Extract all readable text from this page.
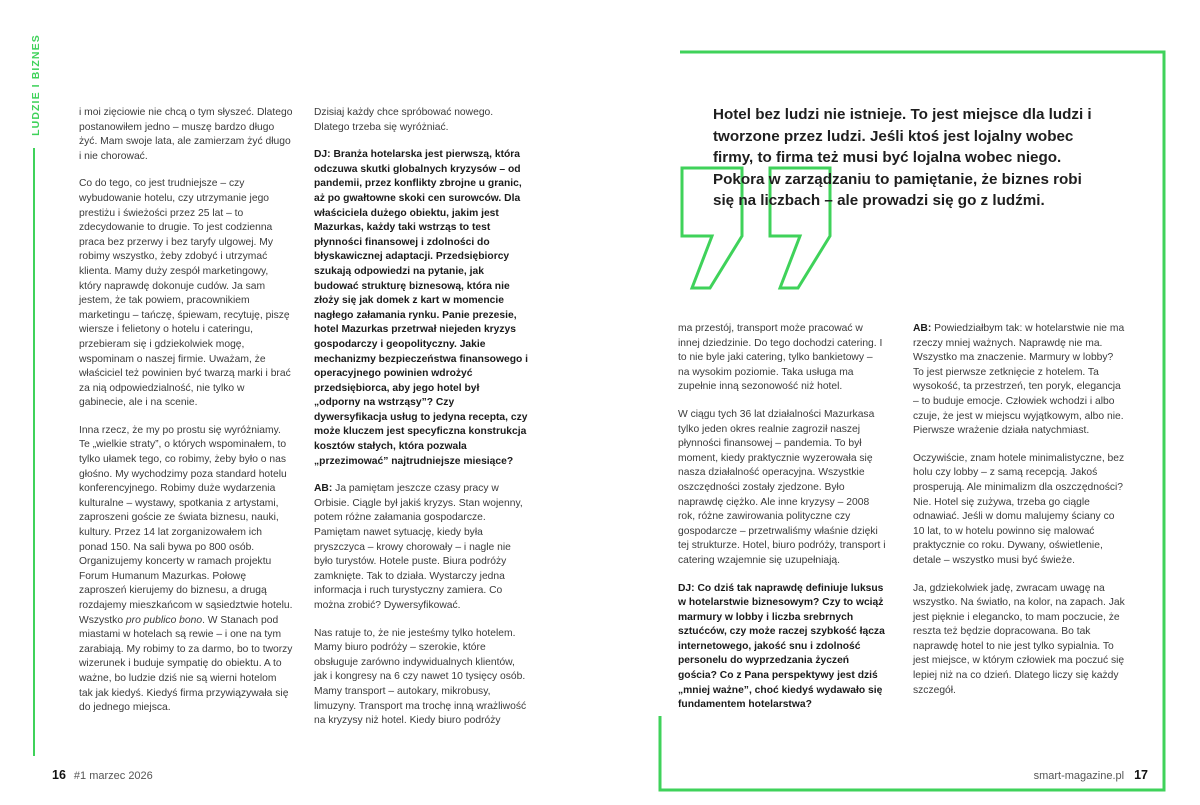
LUDZIE I BIZNES	i moi zięciowie nie chcą o tym słyszeć. Dlatego postanowiłem jedno – muszę bardzo długo żyć. Mam swoje lata, ale zamierzam żyć długo i nie chorować.

Co do tego, co jest trudniejsze – czy wybudowanie hotelu, czy utrzymanie jego prestiżu i świeżości przez 25 lat – to zdecydowanie to drugie. To jest codzienna praca bez przerwy i bez taryfy ulgowej. My robimy wszystko, żeby zdobyć i utrzymać klienta. Mamy duży zespół marketingowy, który naprawdę dokonuje cudów. Ja sam jestem, że tak powiem, pracownikiem marketingu – tańczę, śpiewam, recytuję, piszę wiersze i felietony o hotelu i cateringu, przebieram się i gdziekolwiek mogę, wspominam o naszej firmie. Uważam, że właściciel też powinien być twarzą marki i brać za nią odpowiedzialność, nie tylko w gabinecie, ale i na scenie.

Inna rzecz, że my po prostu się wyróżniamy. Te „wielkie straty”, o których wspominałem, to tylko ułamek tego, co robimy, żeby było o nas głośno. My wychodzimy poza standard hotelu konferencyjnego. Robimy duże wydarzenia kulturalne – wystawy, spotkania z artystami, zaproszeni goście ze świata biznesu, nauki, kultury. Przez 14 lat zorganizowałem ich ponad 150. Na sali bywa po 800 osób. Organizujemy koncerty w ramach projektu Forum Humanum Mazurkas. Połowę zaproszeń kierujemy do biznesu, a drugą rozdajemy mieszkańcom w sąsiedztwie hotelu. Wszystko pro publico bono. W Stanach pod miastami w hotelach są rewie – i one na tym zarabiają. My robimy to za darmo, bo to tworzy wizerunek i buduje sympatię do obiektu. A to ważne, bo ludzie dziś nie są wierni hotelom tak jak kiedyś. Kiedyś firma przywiązywała się do jednego miejsca.

Dzisiaj każdy chce spróbować nowego. Dlatego trzeba się wyróżniać.

DJ: Branża hotelarska jest pierwszą, która odczuwa skutki globalnych kryzysów – od pandemii, przez konflikty zbrojne u granic, aż po gwałtowne skoki cen surowców. Dla właściciela dużego obiektu, jakim jest Mazurkas, każdy taki wstrząs to test płynności finansowej i zdolności do błyskawicznej adaptacji. Przedsiębiorcy szukają odpowiedzi na pytanie, jak budować strukturę biznesową, która nie złoży się jak domek z kart w momencie nagłego załamania rynku. Panie prezesie, hotel Mazurkas przetrwał niejeden kryzys gospodarczy i geopolityczny. Jakie mechanizmy bezpieczeństwa finansowego i operacyjnego powinien wdrożyć przedsiębiorca, aby jego hotel był „odporny na wstrząsy”? Czy dywersyfikacja usług to jedyna recepta, czy może kluczem jest specyficzna konstrukcja kosztów stałych, która pozwala „przezimować” najtrudniejsze miesiące?

AB: Ja pamiętam jeszcze czasy pracy w Orbisie. Ciągle był jakiś kryzys. Stan wojenny, potem różne załamania gospodarcze. Pamiętam nawet sytuację, kiedy była pryszczyca – krowy chorowały – i nagle nie było turystów. Hotele puste. Biura podróży zamknięte. Tak to działa. Wystarczy jedna informacja i ruch turystyczny zamiera. Co można zrobić? Dywersyfikować.

Nas ratuje to, że nie jesteśmy tylko hotelem. Mamy biuro podróży – szerokie, które obsługuje zarówno indywidualnych klientów, jak i kongresy na 6 czy nawet 10 tysięcy osób. Mamy transport – autokary, mikrobusy, limuzyny. Transport ma trochę inną wrażliwość na kryzysy niż hotel. Kiedy biuro podróży

Hotel bez ludzi nie istnieje. To jest miejsce dla ludzi i tworzone przez ludzi. Jeśli ktoś jest lojalny wobec firmy, to firma też musi być lojalna wobec niego. Pokora w zarządzaniu to pamiętanie, że biznes robi się na liczbach – ale prowadzi się go z ludźmi.

ma przestój, transport może pracować w innej dziedzinie. Do tego dochodzi catering. I to nie byle jaki catering, tylko bankietowy – na wysokim poziomie. Taka usługa ma zupełnie inną sezonowość niż hotel.

W ciągu tych 36 lat działalności Mazurkasa tylko jeden okres realnie zagroził naszej płynności finansowej – pandemia. To był moment, kiedy praktycznie wyzerowała się nasza działalność operacyjna. Wszystkie oszczędności zostały zjedzone. Było naprawdę ciężko. Ale inne kryzysy – 2008 rok, różne zawirowania polityczne czy gospodarcze – przetrwaliśmy właśnie dzięki tej strukturze. Hotel, biuro podróży, transport i catering wzajemnie się uzupełniają.

DJ: Co dziś tak naprawdę definiuje luksus w hotelarstwie biznesowym? Czy to wciąż marmury w lobby i liczba srebrnych sztućców, czy może raczej szybkość łącza internetowego, jakość snu i zdolność personelu do wyprzedzania życzeń gościa? Co z Pana perspektywy jest dziś „mniej ważne”, choć kiedyś wydawało się fundamentem hotelarstwa?

AB: Powiedziałbym tak: w hotelarstwie nie ma rzeczy mniej ważnych. Naprawdę nie ma. Wszystko ma znaczenie. Marmury w lobby? To jest pierwsze zetknięcie z hotelem. Ta wysokość, ta przestrzeń, ten poryk, elegancja – to buduje emocje. Człowiek wchodzi i albo czuje, że jest w miejscu wyjątkowym, albo nie. Pierwsze wrażenie działa natychmiast.

Oczywiście, znam hotele minimalistyczne, bez holu czy lobby – z samą recepcją. Jakoś prosperują. Ale minimalizm dla oszczędności? Nie. Hotel się zużywa, trzeba go ciągle odnawiać. Jeśli w domu malujemy ściany co 10 lat, to w hotelu powinno się malować praktycznie co roku. Dywany, oświetlenie, detale – wszystko musi być świeże.

Ja, gdziekolwiek jadę, zwracam uwagę na wszystko. Na światło, na kolor, na zapach. Jak jest pięknie i elegancko, to mam poczucie, że reszta też będzie dopracowana. Bo tak naprawdę hotel to nie jest tylko sypialnia. To jest miejsce, w którym człowiek ma poczuć się lepiej niż na co dzień. Dlatego liczy się każdy szczegół.

16 #1 marzec 2026	smart-magazine.pl 17
